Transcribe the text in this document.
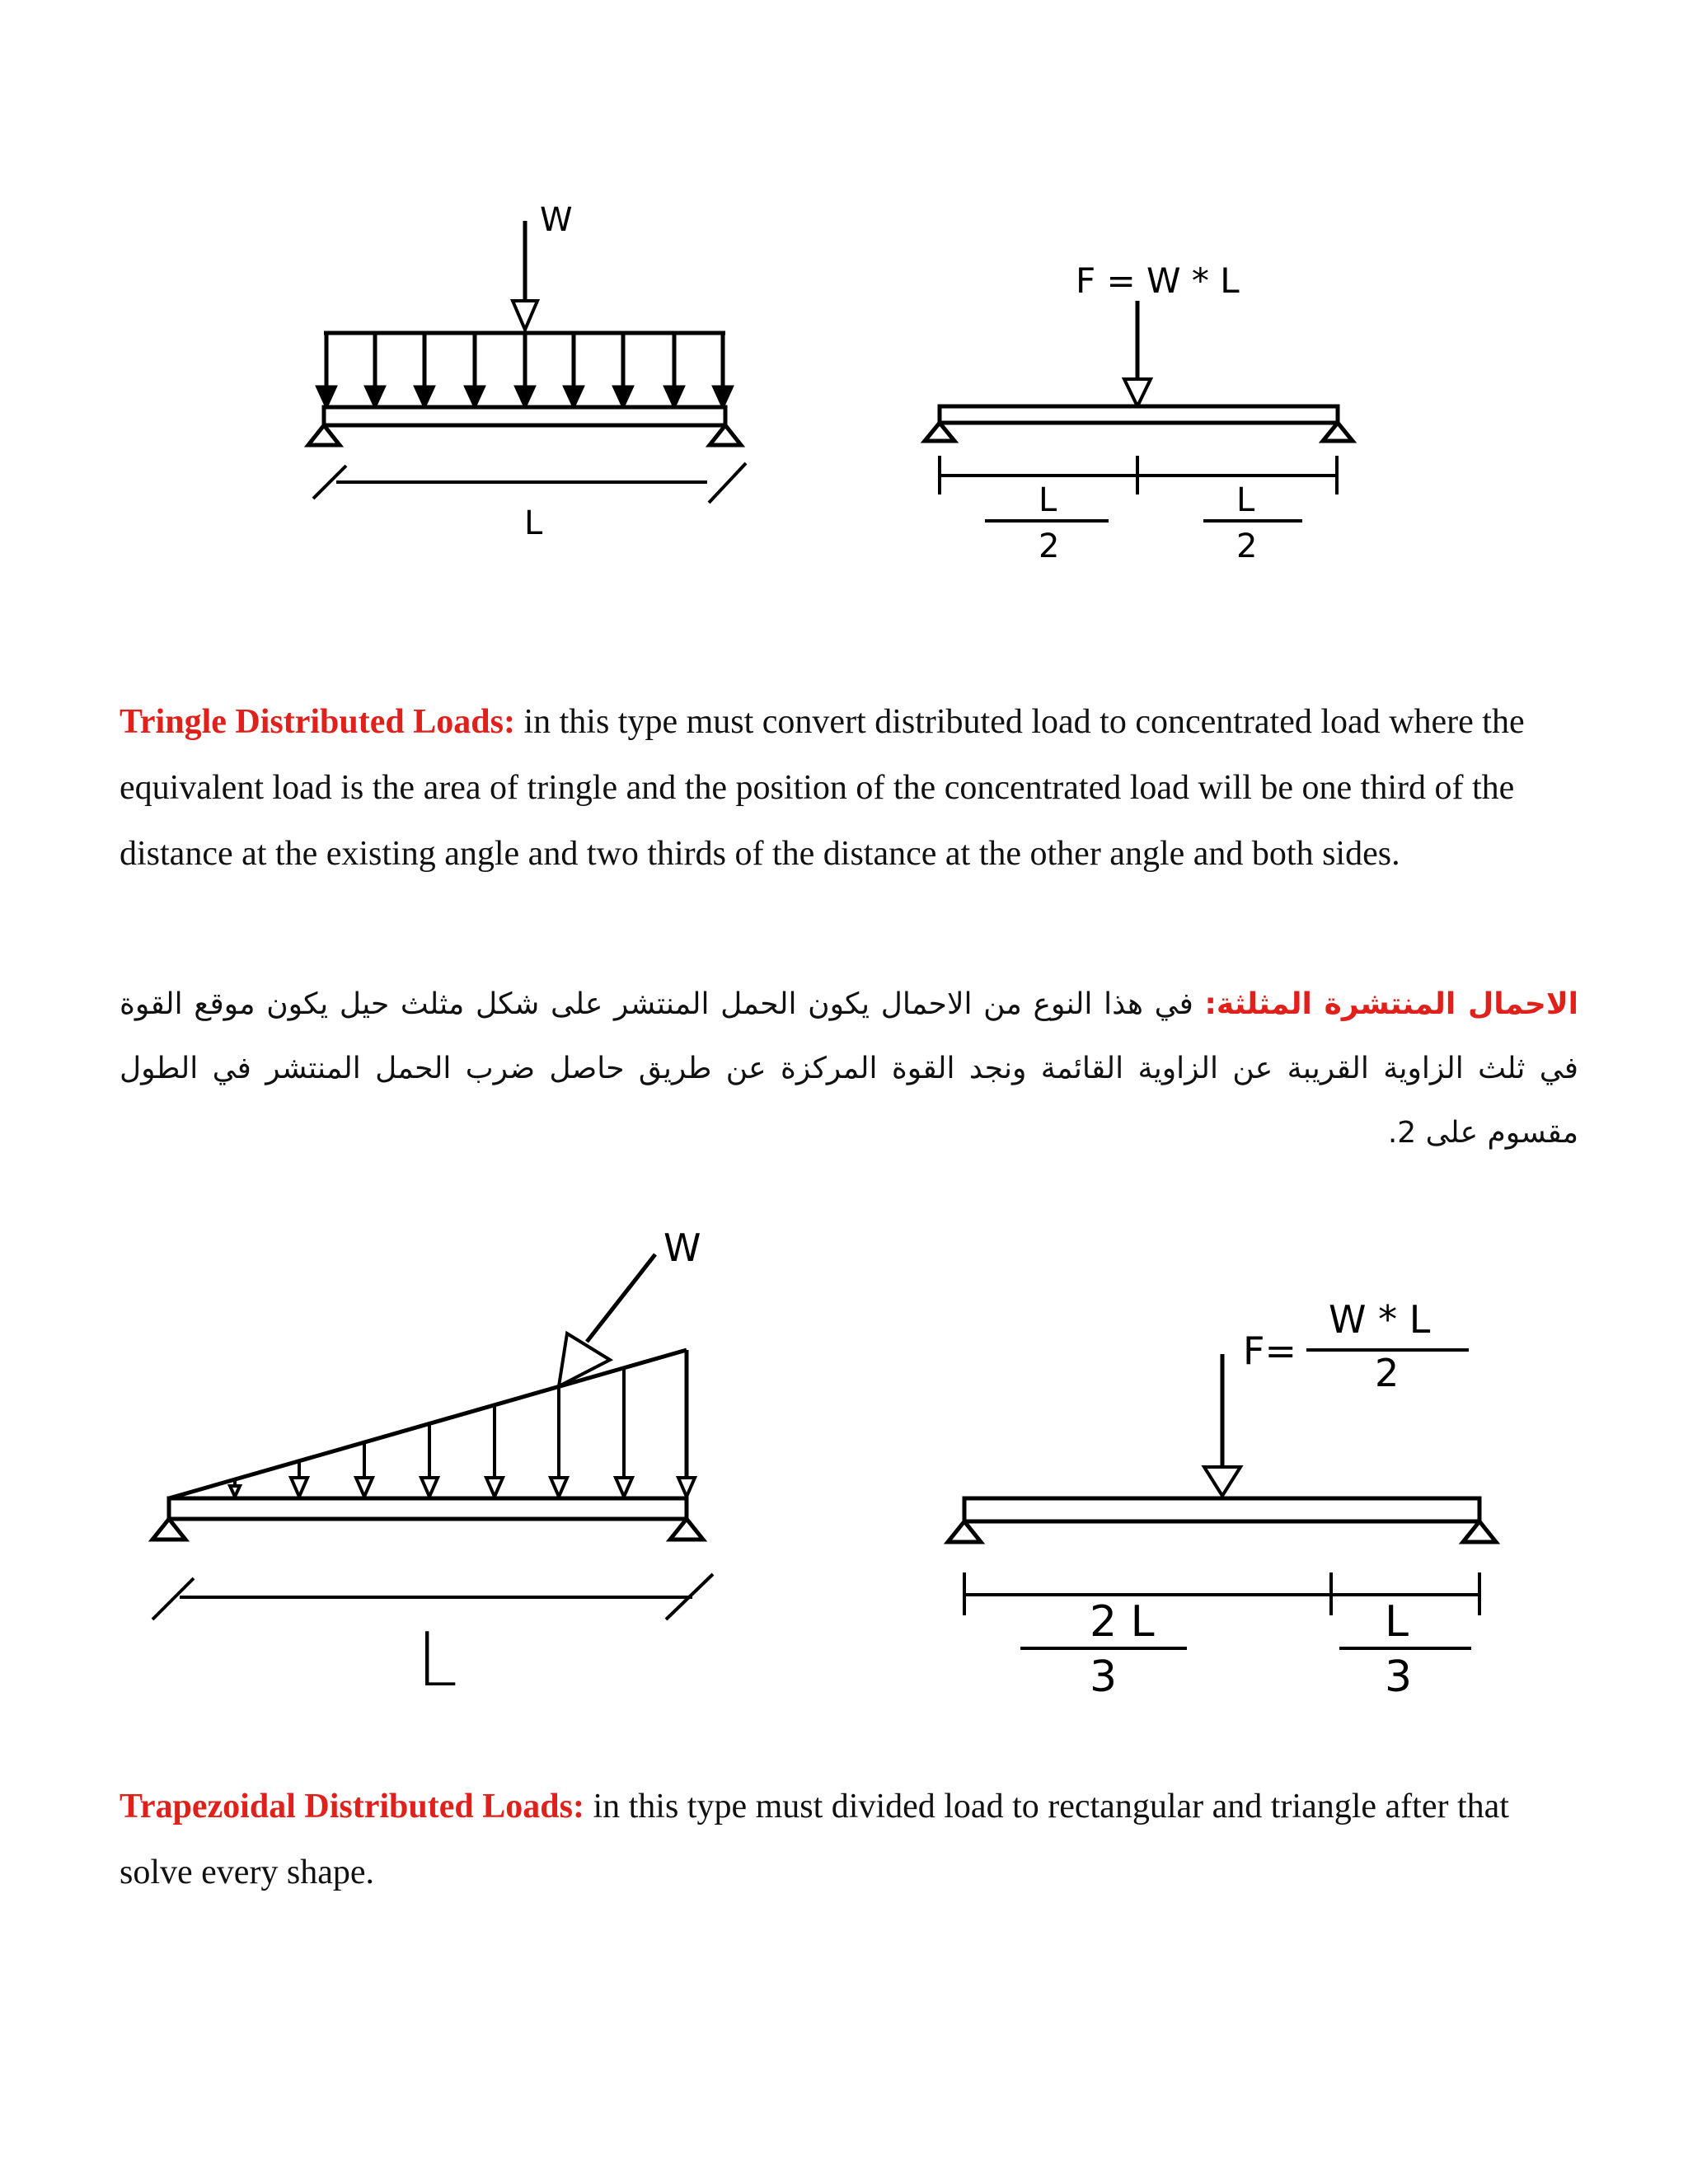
W
L
F = W * L
L
2
L
2
Tringle Distributed Loads: in this type must convert distributed load to concentrated load where the equivalent load is the area of tringle and the position of the concentrated load will be one third of the distance at the existing angle and two thirds of the distance at the other angle and both sides.
الاحمال المنتشرة المثلثة: في هذا النوع من الاحمال يكون الحمل المنتشر على شكل مثلث حيل يكون موقع القوة في ثلث الزاوية القريبة عن الزاوية القائمة ونجد القوة المركزة عن طريق حاصل ضرب الحمل المنتشر في الطول مقسوم على 2.
W
L
F=
W * L
2
2 L
3
L
3
Trapezoidal Distributed Loads: in this type must divided load to rectangular and triangle after that solve every shape.
